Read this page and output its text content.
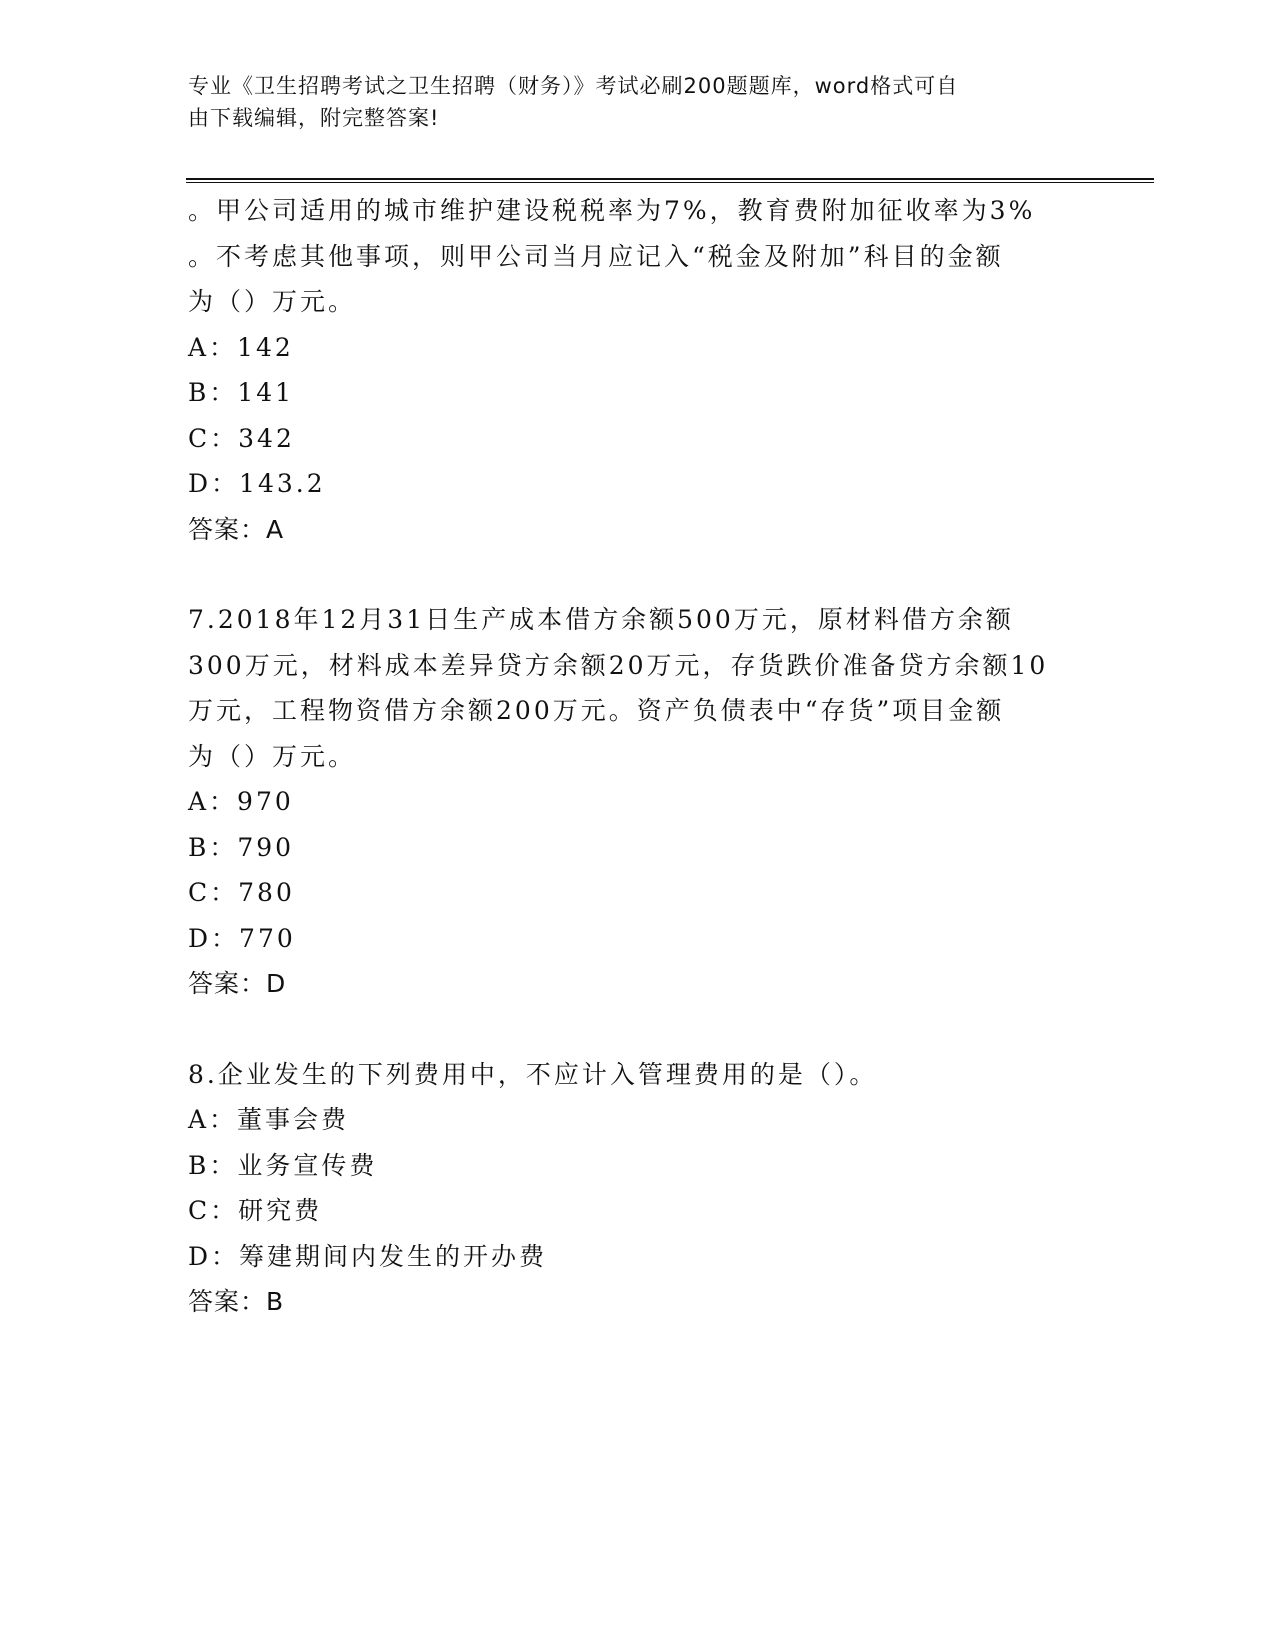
专业《卫生招聘考试之卫生招聘（财务）》考试必刷200题题库，word格式可自
由下载编辑，附完整答案!
。甲公司适用的城市维护建设税税率为7%，教育费附加征收率为3%
。不考虑其他事项，则甲公司当月应记入“税金及附加”科目的金额
为（）万元。
A：142
B：141
C：342
D：143.2
答案：A
7.2018年12月31日生产成本借方余额500万元，原材料借方余额
300万元，材料成本差异贷方余额20万元，存货跌价准备贷方余额10
万元，工程物资借方余额200万元。资产负债表中“存货”项目金额
为（）万元。
A：970
B：790
C：780
D：770
答案：D
8.企业发生的下列费用中，不应计入管理费用的是（）。
A：董事会费
B：业务宣传费
C：研究费
D：筹建期间内发生的开办费
答案：B
